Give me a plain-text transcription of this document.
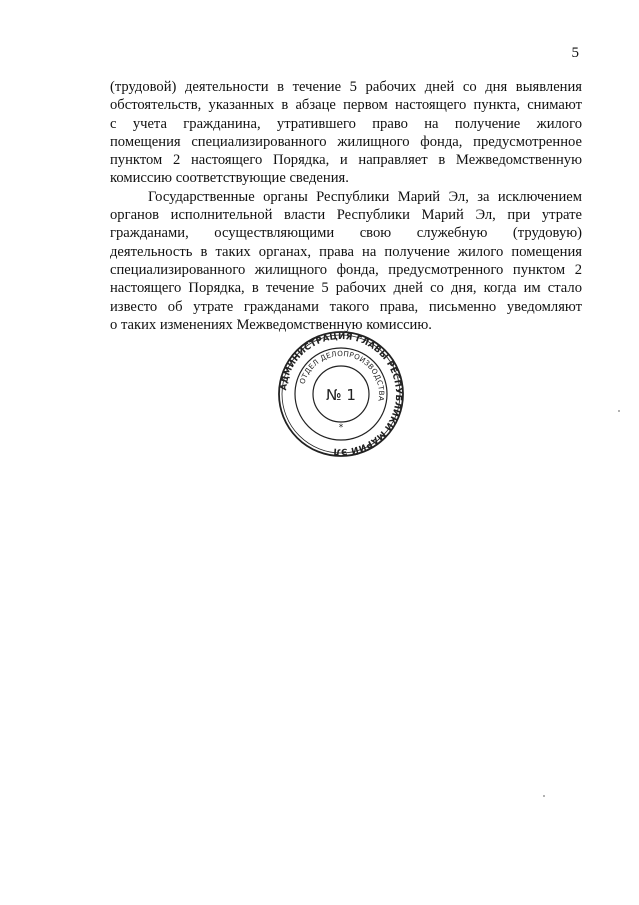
5
(трудовой) деятельности в течение 5 рабочих дней со дня выявления
обстоятельств, указанных в абзаце первом настоящего пункта, снимают
с учета гражданина, утратившего право на получение жилого
помещения специализированного жилищного фонда, предусмотренное
пунктом 2 настоящего Порядка, и направляет в Межведомственную
комиссию соответствующие сведения.
Государственные органы Республики Марий Эл, за исключением
органов исполнительной власти Республики Марий Эл, при утрате
гражданами, осуществляющими свою служебную (трудовую)
деятельность в таких органах, права на получение жилого помещения
специализированного жилищного фонда, предусмотренного пунктом 2
настоящего Порядка, в течение 5 рабочих дней со дня, когда им стало
известо об утрате гражданами такого права, письменно уведомляют
о таких изменениях Межведомственную комиссию.
АДМИНИСТРАЦИЯ ГЛАВЫ РЕСПУБЛИКИ МАРИЙ ЭЛ
ОТДЕЛ ДЕЛОПРОИЗВОДСТВА
№ 1
*
